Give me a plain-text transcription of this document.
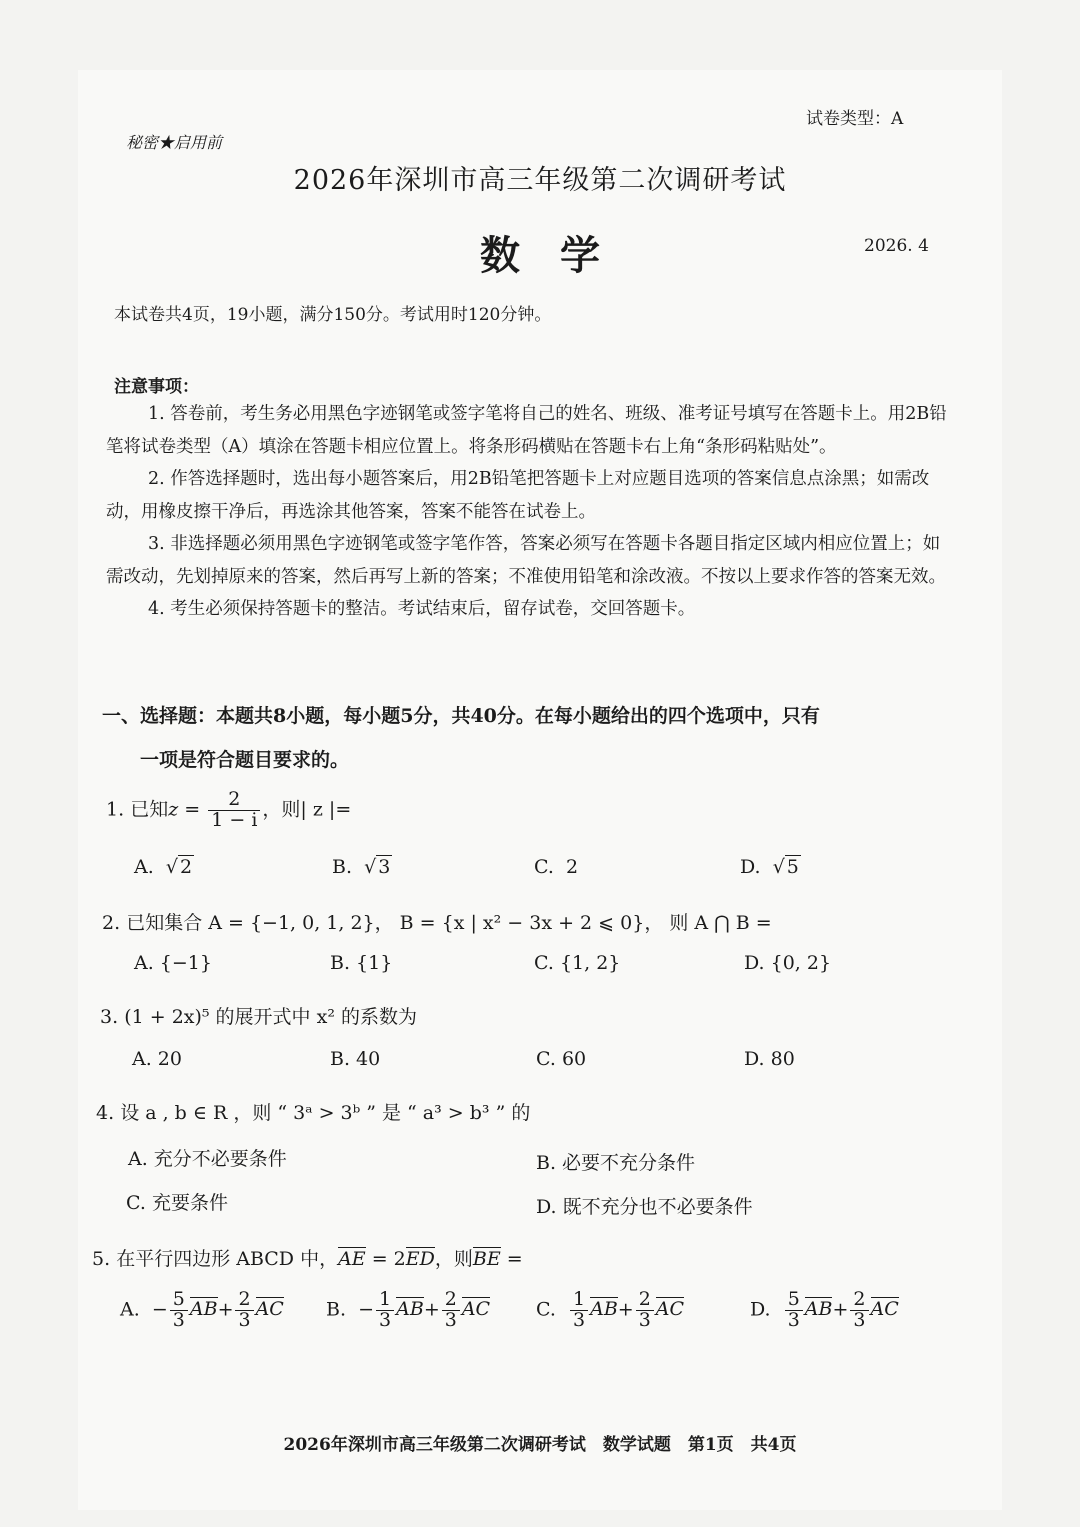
试卷类型：A
秘密★启用前
2026年深圳市高三年级第二次调研考试
数学	2026. 4
本试卷共4页，19小题，满分150分。考试用时120分钟。
注意事项：

1. 答卷前，考生务必用黑色字迹钢笔或签字笔将自己的姓名、班级、准考证号填写在答题卡上。用2B铅笔将试卷类型（A）填涂在答题卡相应位置上。将条形码横贴在答题卡右上角“条形码粘贴处”。

2. 作答选择题时，选出每小题答案后，用2B铅笔把答题卡上对应题目选项的答案信息点涂黑；如需改动，用橡皮擦干净后，再选涂其他答案，答案不能答在试卷上。

3. 非选择题必须用黑色字迹钢笔或签字笔作答，答案必须写在答题卡各题目指定区域内相应位置上；如需改动，先划掉原来的答案，然后再写上新的答案；不准使用铅笔和涂改液。不按以上要求作答的答案无效。

4. 考生必须保持答题卡的整洁。考试结束后，留存试卷，交回答题卡。

一、选择题：本题共8小题，每小题5分，共40分。在每小题给出的四个选项中，只有
一项是符合题目要求的。
1. 已知$z = \frac{2}{1 - i}$ ，则| z |=
A.  √ 2	B.  √ 3	C. 2	D.  √ 5
2. 已知集合 A = {−1, 0, 1, 2}， B = {x | x² − 3x + 2 ⩽ 0}， 则 A ⋂ B =
A. {−1}	B. {1}	C. {1, 2}	D. {0, 2}
3. (1 + 2x)⁵ 的展开式中 x² 的系数为
A. 20	B. 40	C. 60	D. 80
4. 设 a , b ∈ R ，则 “ 3ᵃ > 3ᵇ ” 是 “ a³ > b³ ” 的
A. 充分不必要条件	B. 必要不充分条件
C. 充要条件	D. 既不充分也不必要条件
5. 在平行四边形 ABCD 中，AE = 2ED，则BE =
A. − $\frac{5}{3} AB+ \frac{2}{3}$ AC B. − $\frac{1}{3} AB+ \frac{2}{3}$ AC C. $\frac{1}{3} AB+ \frac{2}{3}$ AC	D. $\frac{5}{3} AB+ \frac{2}{3}$ AC
2026年深圳市高三年级第二次调研考试　数学试题　第1页　共4页
